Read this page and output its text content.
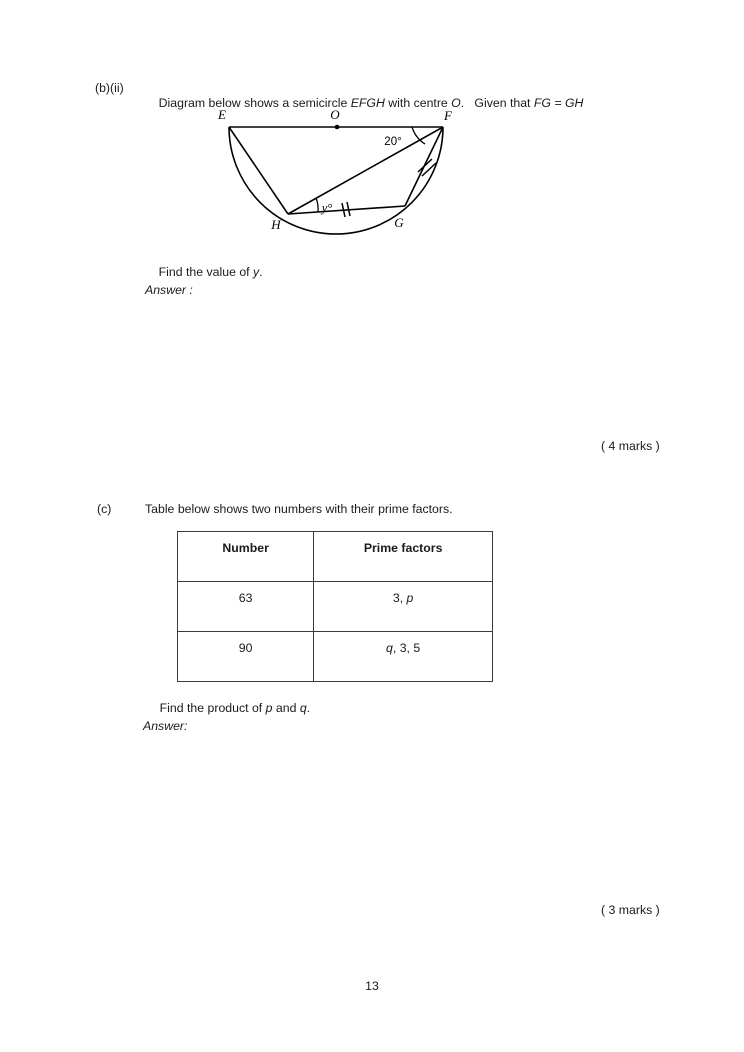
(b)(ii)

Diagram below shows a semicircle EFGH with centre O.   Given that FG = GH

E	O	F
H	G
20°
y°

Find the value of y.

Answer :
( 4 marks )
(c)	Table below shows two numbers with their prime factors.
Number	Prime factors
63	3, p
90	q, 3, 5

Find the product of p and q.

Answer:
( 3 marks )
13
